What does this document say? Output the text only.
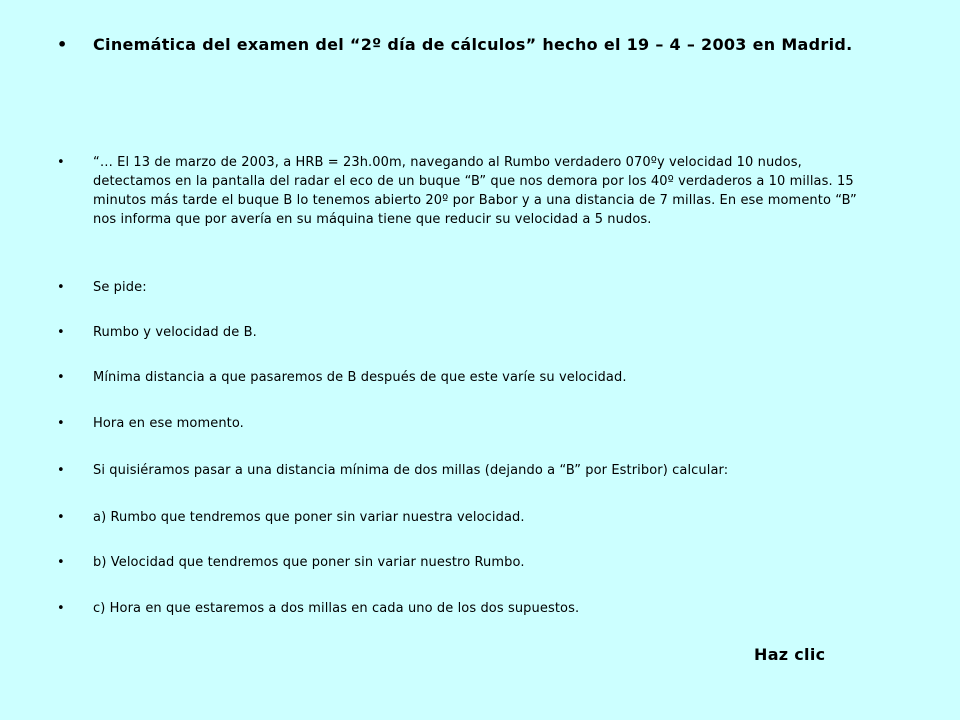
•	Cinemática del examen del “2º día de cálculos” hecho el 19 – 4 – 2003 en Madrid.
•	“… El 13 de marzo de 2003, a HRB = 23h.00m, navegando al Rumbo verdadero 070ºy velocidad 10 nudos, detectamos en la pantalla del radar el eco de un buque “B” que nos demora por los 40º verdaderos a 10 millas. 15 minutos más tarde el buque B lo tenemos abierto 20º por Babor y a una distancia de 7 millas. En ese momento “B” nos informa que por avería en su máquina tiene que reducir su velocidad a 5 nudos.
•	Se pide:
•	Rumbo y velocidad de B.
•	Mínima distancia a que pasaremos de B después de que este varíe su velocidad.
•	Hora en ese momento.
•	Si quisiéramos pasar a una distancia mínima de dos millas (dejando a “B” por Estribor) calcular:
•	a) Rumbo que tendremos que poner sin variar nuestra velocidad.
•	b) Velocidad que tendremos que poner sin variar nuestro Rumbo.
•	c) Hora en que estaremos a dos millas en cada uno de los dos supuestos.
Haz clic
